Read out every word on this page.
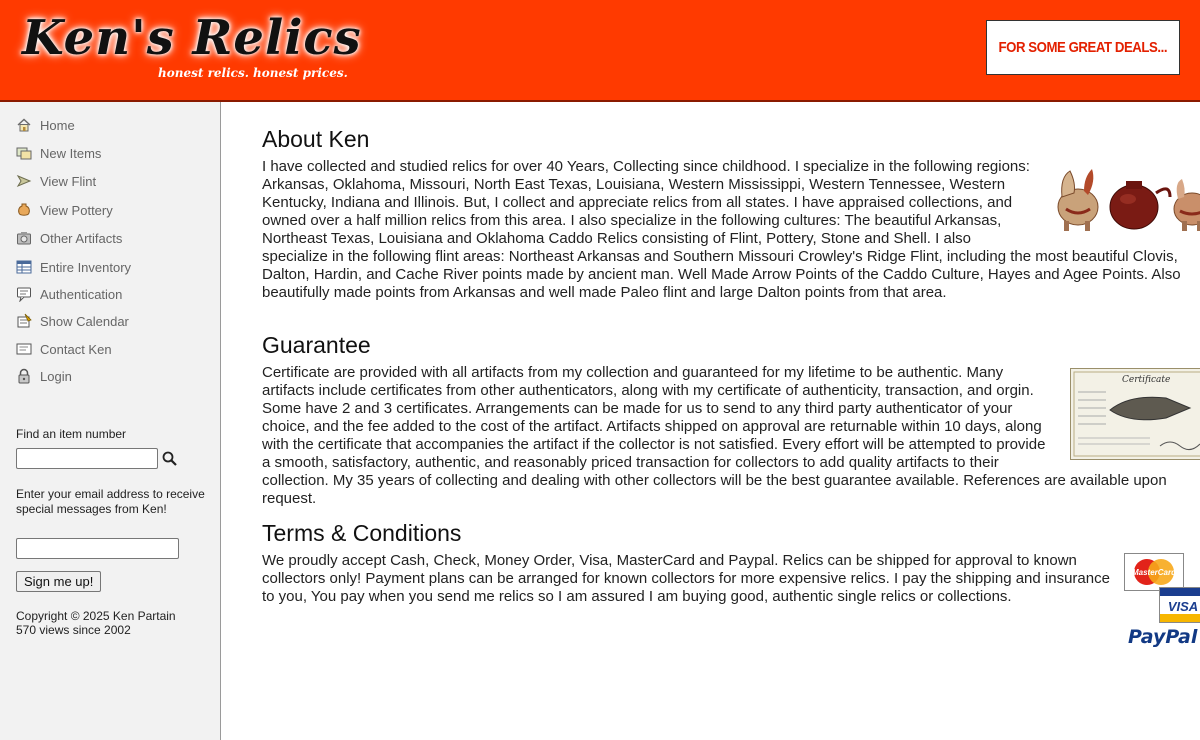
Ken's Relics
honest relics. honest prices.
FOR SOME GREAT DEALS...
Home
New Items
View Flint
View Pottery
Other Artifacts
Entire Inventory
Authentication
Show Calendar
Contact Ken
Login
Find an item number
Enter your email address to receive special messages from Ken!
Sign me up!
Copyright © 2025 Ken Partain
570 views since 2002
About Ken

I have collected and studied relics for over 40 Years, Collecting since childhood. I specialize in the following regions: Arkansas, Oklahoma, Missouri, North East Texas, Louisiana, Western Mississippi, Western Tennessee, Western Kentucky, Indiana and Illinois. But, I collect and appreciate relics from all states. I have appraised collections, and owned over a half million relics from this area. I also specialize in the following cultures: The beautiful Arkansas, Northeast Texas, Louisiana and Oklahoma Caddo Relics consisting of Flint, Pottery, Stone and Shell. I also specialize in the following flint areas: Northeast Arkansas and Southern Missouri Crowley's Ridge Flint, including the most beautiful Clovis, Dalton, Hardin, and Cache River points made by ancient man. Well Made Arrow Points of the Caddo Culture, Hayes and Agee Points. Also beautifully made points from Arkansas and well made Paleo flint and large Dalton points from that area.

Guarantee
Certificate

Certificate are provided with all artifacts from my collection and guaranteed for my lifetime to be authentic. Many artifacts include certificates from other authenticators, along with my certificate of authenticity, transaction, and orgin. Some have 2 and 3 certificates. Arrangements can be made for us to send to any third party authenticator of your choice, and the fee added to the cost of the artifact. Artifacts shipped on approval are returnable within 10 days, along with the certificate that accompanies the artifact if the collector is not satisfied. Every effort will be attempted to provide a smooth, satisfactory, authentic, and reasonably priced transaction for collectors to add quality artifacts to their collection. My 35 years of collecting and dealing with other collectors will be the best guarantee available. References are available upon request.

Terms & Conditions

We proudly accept Cash, Check, Money Order, Visa, MasterCard and Paypal. Relics can be shipped for approval to known collectors only! Payment plans can be arranged for known collectors for more expensive relics. I pay the shipping and insurance to you, You pay when you send me relics so I am assured I am buying good, authentic single relics or collections.

MasterCard
VISA
PayPal
